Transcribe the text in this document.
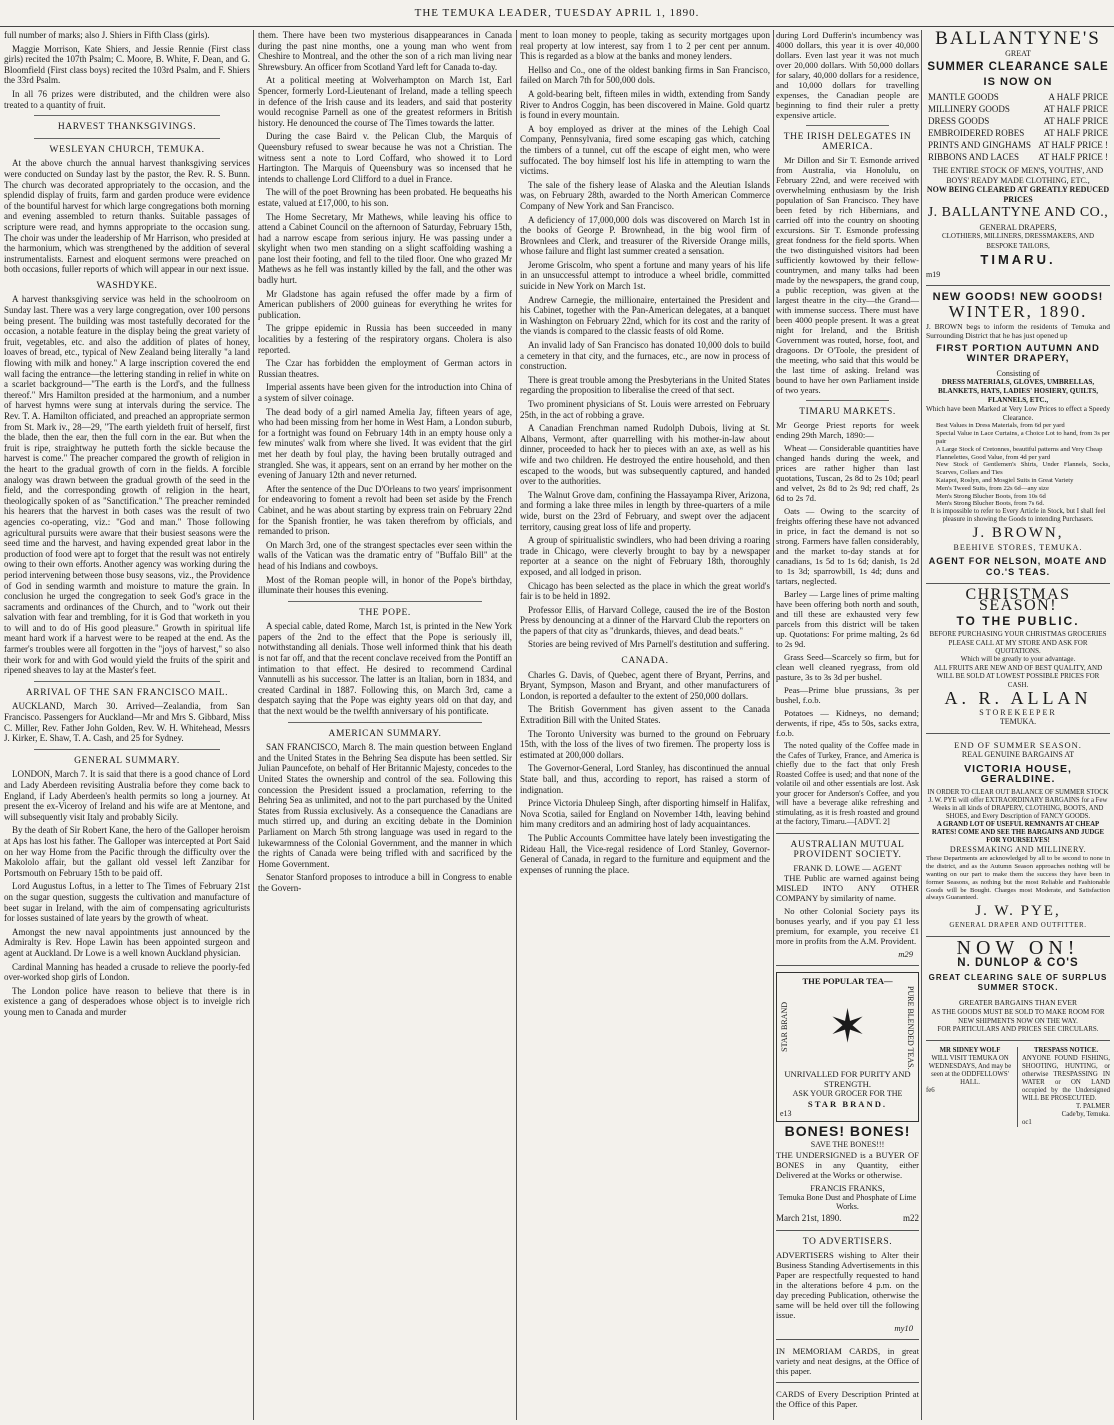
THE TEMUKA LEADER, TUESDAY APRIL 1, 1890.

full number of marks; also J. Shiers in Fifth Class (girls).

Maggie Morrison, Kate Shiers, and Jessie Rennie (First class girls) recited the 107th Psalm; C. Moore, B. White, F. Dean, and G. Bloomfield (First class boys) recited the 103rd Psalm, and F. Shiers the 33rd Psalm.

In all 76 prizes were distributed, and the children were also treated to a quantity of fruit.

HARVEST THANKSGIVINGS.
WESLEYAN CHURCH, TEMUKA.

At the above church the annual harvest thanksgiving services were conducted on Sunday last by the pastor, the Rev. R. S. Bunn. The church was decorated appropriately to the occasion, and the splendid display of fruits, farm and garden produce were evidence of the bountiful harvest for which large congregations both morning and evening assembled to return thanks. Suitable passages of scripture were read, and hymns appropriate to the occasion sung. The choir was under the leadership of Mr Harrison, who presided at the harmonium, which was strengthened by the addition of several instrumentalists. Earnest and eloquent sermons were preached on both occasions, fuller reports of which will appear in our next issue.

WASHDYKE.

A harvest thanksgiving service was held in the schoolroom on Sunday last. There was a very large congregation, over 100 persons being present. The building was most tastefully decorated for the occasion, a notable feature in the display being the great variety of fruit, vegetables, etc. and also the addition of plates of honey, loaves of bread, etc., typical of New Zealand being literally "a land flowing with milk and honey." A large inscription covered the end wall facing the entrance—the lettering standing in relief in white on a scarlet background—"The earth is the Lord's, and the fullness thereof." Mrs Hamilton presided at the harmonium, and a number of harvest hymns were sung at intervals during the service. The Rev. T. A. Hamilton officiated, and preached an appropriate sermon from St. Mark iv., 28—29, "The earth yieldeth fruit of herself, first the blade, then the ear, then the full corn in the ear. But when the fruit is ripe, straightway he putteth forth the sickle because the harvest is come." The preacher compared the growth of religion in the heart to the gradual growth of corn in the fields. A forcible analogy was drawn between the gradual growth of the seed in the field, and the corresponding growth of religion in the heart, theologically spoken of as "Sanctification." The preacher reminded his hearers that the harvest in both cases was the result of two agencies co-operating, viz.: "God and man." Those following agricultural pursuits were aware that their busiest seasons were the seed time and the harvest, and having expended great labor in the production of food were apt to forget that the result was not entirely owing to their own efforts. Another agency was working during the period intervening between those busy seasons, viz., the Providence of God in sending warmth and moisture to mature the grain. In conclusion he urged the congregation to seek God's grace in the sacraments and ordinances of the Church, and to "work out their salvation with fear and trembling, for it is God that worketh in you to will and to do of His good pleasure." Growth in spiritual life meant hard work if a harvest were to be reaped at the end. As the farmer's troubles were all forgotten in the "joys of harvest," so also their work for and with God would yield the fruits of the spirit and ripened sheaves to lay at the Master's feet.

ARRIVAL OF THE SAN FRANCISCO MAIL.

AUCKLAND, March 30. Arrived—Zealandia, from San Francisco. Passengers for Auckland—Mr and Mrs S. Gibbard, Miss C. Miller, Rev. Father John Golden, Rev. W. H. Whitehead, Messrs J. Kirker, E. Shaw, T. A. Cash, and 25 for Sydney.

GENERAL SUMMARY.

LONDON, March 7. It is said that there is a good chance of Lord and Lady Aberdeen revisiting Australia before they come back to England, if Lady Aberdeen's health permits so long a journey. At present the ex-Viceroy of Ireland and his wife are at Mentone, and will subsequently visit Italy and probably Sicily.

By the death of Sir Robert Kane, the hero of the Galloper heroism at Aps has lost his father. The Galloper was intercepted at Port Said on her way Home from the Pacific through the difficulty over the Makololo affair, but the gallant old vessel left Zanzibar for Portsmouth on February 15th to be paid off.

Lord Augustus Loftus, in a letter to The Times of February 21st on the sugar question, suggests the cultivation and manufacture of beet sugar in Ireland, with the aim of compensating agriculturists for losses sustained of late years by the growth of wheat.

Amongst the new naval appointments just announced by the Admiralty is Rev. Hope Lawin has been appointed surgeon and agent at Auckland. Dr Lowe is a well known Auckland physician.

Cardinal Manning has headed a crusade to relieve the poorly-fed over-worked shop girls of London.

The London police have reason to believe that there is in existence a gang of desperadoes whose object is to inveigle rich young men to Canada and murder

them. There have been two mysterious disappearances in Canada during the past nine months, one a young man who went from Cheshire to Montreal, and the other the son of a rich man living near Shrewsbury. An officer from Scotland Yard left for Canada to-day.

At a political meeting at Wolverhampton on March 1st, Earl Spencer, formerly Lord-Lieutenant of Ireland, made a telling speech in defence of the Irish cause and its leaders, and said that posterity would recognise Parnell as one of the greatest reformers in British history. He denounced the course of The Times towards the latter.

During the case Baird v. the Pelican Club, the Marquis of Queensbury refused to swear because he was not a Christian. The witness sent a note to Lord Coffard, who showed it to Lord Hartington. The Marquis of Queensbury was so incensed that he intends to challenge Lord Clifford to a duel in France.

The will of the poet Browning has been probated. He bequeaths his estate, valued at £17,000, to his son.

The Home Secretary, Mr Mathews, while leaving his office to attend a Cabinet Council on the afternoon of Saturday, February 15th, had a narrow escape from serious injury. He was passing under a skylight when two men standing on a slight scaffolding washing a pane lost their footing, and fell to the tiled floor. One who grazed Mr Mathews as he fell was instantly killed by the fall, and the other was badly hurt.

Mr Gladstone has again refused the offer made by a firm of American publishers of 2000 guineas for everything he writes for publication.

The grippe epidemic in Russia has been succeeded in many localities by a festering of the respiratory organs. Cholera is also reported.

The Czar has forbidden the employment of German actors in Russian theatres.

Imperial assents have been given for the introduction into China of a system of silver coinage.

The dead body of a girl named Amelia Jay, fifteen years of age, who had been missing from her home in West Ham, a London suburb, for a fortnight was found on February 14th in an empty house only a few minutes' walk from where she lived. It was evident that the girl met her death by foul play, the having been brutally outraged and strangled. She was, it appears, sent on an errand by her mother on the evening of January 12th and never returned.

After the sentence of the Duc D'Orleans to two years' imprisonment for endeavoring to foment a revolt had been set aside by the French Cabinet, and he was about starting by express train on February 22nd for the Spanish frontier, he was taken therefrom by officials, and remanded to prison.

On March 3rd, one of the strangest spectacles ever seen within the walls of the Vatican was the dramatic entry of "Buffalo Bill" at the head of his Indians and cowboys.

Most of the Roman people will, in honor of the Pope's birthday, illuminate their houses this evening.

THE POPE.

A special cable, dated Rome, March 1st, is printed in the New York papers of the 2nd to the effect that the Pope is seriously ill, notwithstanding all denials. Those well informed think that his death is not far off, and that the recent conclave received from the Pontiff an intimation to that effect. He desired to recommend Cardinal Vannutelli as his successor. The latter is an Italian, born in 1834, and created Cardinal in 1887. Following this, on March 3rd, came a despatch saying that the Pope was eighty years old on that day, and that the next would be the twelfth anniversary of his pontificate.

AMERICAN SUMMARY.

SAN FRANCISCO, March 8. The main question between England and the United States in the Behring Sea dispute has been settled. Sir Julian Pauncefote, on behalf of Her Britannic Majesty, concedes to the United States the ownership and control of the sea. Following this concession the President issued a proclamation, referring to the Behring Sea as unlimited, and not to the part purchased by the United States from Russia exclusively. As a consequence the Canadians are much stirred up, and during an exciting debate in the Dominion Parliament on March 5th strong language was used in regard to the lukewarmness of the Colonial Government, and the manner in which the rights of Canada were being trifled with and sacrificed by the Home Government.

Senator Stanford proposes to introduce a bill in Congress to enable the Govern-

ment to loan money to people, taking as security mortgages upon real property at low interest, say from 1 to 2 per cent per annum. This is regarded as a blow at the banks and money lenders.

Hellso and Co., one of the oldest banking firms in San Francisco, failed on March 7th for 500,000 dols.

A gold-bearing belt, fifteen miles in width, extending from Sandy River to Andros Coggin, has been discovered in Maine. Gold quartz is found in every mountain.

A boy employed as driver at the mines of the Lehigh Coal Company, Pennsylvania, fired some escaping gas which, catching the timbers of a tunnel, cut off the escape of eight men, who were suffocated. The boy himself lost his life in attempting to warn the victims.

The sale of the fishery lease of Alaska and the Aleutian Islands was, on February 28th, awarded to the North American Commerce Company of New York and San Francisco.

A deficiency of 17,000,000 dols was discovered on March 1st in the books of George P. Brownhead, in the big wool firm of Brownlees and Clerk, and treasurer of the Riverside Orange mills, whose failure and flight last summer created a sensation.

Jerome Griscolm, who spent a fortune and many years of his life in an unsuccessful attempt to introduce a wheel bridle, committed suicide in New York on March 1st.

Andrew Carnegie, the millionaire, entertained the President and his Cabinet, together with the Pan-American delegates, at a banquet in Washington on February 22nd, which for its cost and the rarity of the viands is compared to the classic feasts of old Rome.

An invalid lady of San Francisco has donated 10,000 dols to build a cemetery in that city, and the furnaces, etc., are now in process of construction.

There is great trouble among the Presbyterians in the United States regarding the proposition to liberalise the creed of that sect.

Two prominent physicians of St. Louis were arrested on February 25th, in the act of robbing a grave.

A Canadian Frenchman named Rudolph Dubois, living at St. Albans, Vermont, after quarrelling with his mother-in-law about dinner, proceeded to hack her to pieces with an axe, as well as his wife and two children. He destroyed the entire household, and then escaped to the woods, but was subsequently captured, and handed over to the authorities.

The Walnut Grove dam, confining the Hassayampa River, Arizona, and forming a lake three miles in length by three-quarters of a mile wide, burst on the 23rd of February, and swept over the adjacent territory, causing great loss of life and property.

A group of spiritualistic swindlers, who had been driving a roaring trade in Chicago, were cleverly brought to bay by a newspaper reporter at a seance on the night of February 18th, thoroughly exposed, and all lodged in prison.

Chicago has been selected as the place in which the great world's fair is to be held in 1892.

Professor Ellis, of Harvard College, caused the ire of the Boston Press by denouncing at a dinner of the Harvard Club the reporters on the papers of that city as "drunkards, thieves, and dead beats."

Stories are being revived of Mrs Parnell's destitution and suffering.

CANADA.

Charles G. Davis, of Quebec, agent there of Bryant, Perrins, and Bryant, Sympson, Mason and Bryant, and other manufacturers of London, is reported a defaulter to the extent of 250,000 dollars.

The British Government has given assent to the Canada Extradition Bill with the United States.

The Toronto University was burned to the ground on February 15th, with the loss of the lives of two firemen. The property loss is estimated at 200,000 dollars.

The Governor-General, Lord Stanley, has discontinued the annual State ball, and thus, according to report, has raised a storm of indignation.

Prince Victoria Dhuleep Singh, after disporting himself in Halifax, Nova Scotia, sailed for England on November 14th, leaving behind him many creditors and an admiring host of lady acquaintances.

The Public Accounts Committee have lately been investigating the Rideau Hall, the Vice-regal residence of Lord Stanley, Governor-General of Canada, in regard to the furniture and equipment and the expenses of running the place.

during Lord Dufferin's incumbency was 4000 dollars, this year it is over 40,000 dollars. Even last year it was not much over 20,000 dollars. With 50,000 dollars for salary, 40,000 dollars for a residence, and 10,000 dollars for travelling expenses, the Canadian people are beginning to find their ruler a pretty expensive article.

THE IRISH DELEGATES IN AMERICA.

Mr Dillon and Sir T. Esmonde arrived from Australia, via Honolulu, on February 22nd, and were received with overwhelming enthusiasm by the Irish population of San Francisco. They have been feted by rich Hibernians, and carried off into the country on shooting excursions. Sir T. Esmonde professing great fondness for the field sports. When the two distinguished visitors had been sufficiently kowtowed by their fellow-countrymen, and many talks had been made by the newspapers, the grand coup, a public reception, was given at the largest theatre in the city—the Grand—with immense success. There must have been 4000 people present. It was a great night for Ireland, and the British Government was routed, horse, foot, and dragoons. Dr O'Toole, the president of the meeting, who said that this would be the last time of asking. Ireland was bound to have her own Parliament inside of two years.

TIMARU MARKETS.

Mr George Priest reports for week ending 29th March, 1890:—

Wheat — Considerable quantities have changed hands during the week, and prices are rather higher than last quotations, Tuscan, 2s 8d to 2s 10d; pearl and velvet, 2s 8d to 2s 9d; red chaff, 2s 6d to 2s 7d.

Oats — Owing to the scarcity of freights offering these have not advanced in price, in fact the demand is not so strong. Farmers have fallen considerably, and the market to-day stands at for canadians, 1s 5d to 1s 6d; danish, 1s 2d to 1s 3d; sparrowbill, 1s 4d; duns and tartars, neglected.

Barley — Large lines of prime malting have been offering both north and south, and till these are exhausted very few parcels from this district will be taken up. Quotations: For prime malting, 2s 6d to 2s 9d.

Grass Seed—Scarcely so firm, but for clean well cleaned ryegrass, from old pasture, 3s to 3s 3d per bushel.

Peas—Prime blue prussians, 3s per bushel, f.o.b.

Potatoes — Kidneys, no demand; derwents, if ripe, 45s to 50s, sacks extra, f.o.b.

The noted quality of the Coffee made in the Cafes of Turkey, France, and America is chiefly due to the fact that only Fresh Roasted Coffee is used; and that none of the volatile oil and other essentials are lost. Ask your grocer for Anderson's Coffee, and you will have a beverage alike refreshing and stimulating, as it is fresh roasted and ground at the factory, Timaru.—[ADVT. 2]

AUSTRALIAN MUTUAL PROVIDENT SOCIETY.
FRANK D. LOWE — AGENT

THE Public are warned against being MISLED INTO ANY OTHER COMPANY by similarity of name.

No other Colonial Society pays its bonuses yearly, and if you pay £1 less premium, for example, you receive £1 more in profits from the A.M. Provident.

m29
THE POPULAR TEA—
STAR BRAND ✶	PURE BLENDED TEAS.
UNRIVALLED FOR PURITY AND STRENGTH.
ASK YOUR GROCER FOR THE
STAR BRAND.
e13
BONES! BONES!
SAVE THE BONES!!!

THE UNDERSIGNED is a BUYER OF BONES in any Quantity, either Delivered at the Works or otherwise.

FRANCIS FRANKS,
Temuka Bone Dust and Phosphate of Lime Works.
March 21st, 1890.	m22
TO ADVERTISERS.

ADVERTISERS wishing to Alter their Business Standing Advertisements in this Paper are respectfully requested to hand in the alterations before 4 p.m. on the day preceding Publication, otherwise the same will be held over till the following issue.

my10

IN MEMORIAM CARDS, in great variety and neat designs, at the Office of this paper.

CARDS of Every Description Printed at the Office of this Paper.

BALLANTYNE'S
GREAT
SUMMER CLEARANCE SALE
IS NOW ON
MANTLE GOODS	A HALF PRICE
MILLINERY GOODS	AT HALF PRICE
DRESS GOODS	AT HALF PRICE
EMBROIDERED ROBES AT HALF PRICE
PRINTS AND GINGHAMS AT HALF PRICE !
RIBBONS AND LACES AT HALF PRICE !
THE ENTIRE STOCK OF MEN'S, YOUTHS', AND BOYS' READY MADE CLOTHING, ETC.,
NOW BEING CLEARED AT GREATLY REDUCED PRICES
J. BALLANTYNE AND CO.,
GENERAL DRAPERS,
CLOTHIERS, MILLINERS, DRESSMAKERS, AND BESPOKE TAILORS,
TIMARU.
m19
NEW GOODS! NEW GOODS!
WINTER, 1890.
J. BROWN begs to inform the residents of Temuka and Surrounding District that he has just opened up
FIRST PORTION AUTUMN AND WINTER DRAPERY,
Consisting of
DRESS MATERIALS, GLOVES, UMBRELLAS, BLANKETS, HATS, LADIES' HOSIERY, QUILTS, FLANNELS, ETC.,
Which have been Marked at Very Low Prices to effect a Speedy Clearance.
Best Values in Dress Materials, from 6d per yard
Special Value in Lace Curtains, a Choice Lot to hand, from 3s per pair
A Large Stock of Cretonnes, beautiful patterns and Very Cheap
Flannelettes, Good Value, from 4d per yard
New Stock of Gentlemen's Shirts, Under Flannels, Socks, Scarves, Collars and Ties
Kaiapoi, Roslyn, and Mosgiel Suits in Great Variety
Men's Tweed Suits, from 22s 6d—any size
Men's Strong Blucher Boots, from 10s 6d
Men's Strong Blucher Boots, from 7s 6d.
It is impossible to refer to Every Article in Stock, but I shall feel pleasure in showing the Goods to intending Purchasers.
J. BROWN,
BEEHIVE STORES, TEMUKA.
AGENT FOR NELSON, MOATE AND CO.'S TEAS.
CHRISTMAS SEASON!
TO THE PUBLIC.
BEFORE PURCHASING YOUR CHRISTMAS GROCERIES PLEASE CALL AT MY STORE AND ASK FOR QUOTATIONS.
Which will be greatly to your advantage.
ALL FRUITS ARE NEW AND OF BEST QUALITY, AND WILL BE SOLD AT LOWEST POSSIBLE PRICES FOR CASH.
A. R. ALLAN
STOREKEEPER
TEMUKA.
END OF SUMMER SEASON.
REAL GENUINE BARGAINS AT
VICTORIA HOUSE, GERALDINE.
IN ORDER TO CLEAR OUT BALANCE OF SUMMER STOCK J. W. PYE will offer EXTRAORDINARY BARGAINS for a Few Weeks in all kinds of DRAPERY, CLOTHING, BOOTS, AND SHOES, and Every Description of FANCY GOODS.
A GRAND LOT OF USEFUL REMNANTS AT CHEAP RATES! COME AND SEE THE BARGAINS AND JUDGE FOR YOURSELVES!
DRESSMAKING AND MILLINERY.
These Departments are acknowledged by all to be second to none in the district, and as the Autumn Season approaches nothing will be wanting on our part to make them the success they have been in former Seasons, as nothing but the most Reliable and Fashionable Goods will be Bought. Charges most Moderate, and Satisfaction always Guaranteed.
J. W. PYE,
GENERAL DRAPER AND OUTFITTER.
NOW ON!
N. DUNLOP & CO'S
GREAT CLEARING SALE OF SURPLUS SUMMER STOCK.
GREATER BARGAINS THAN EVER
AS THE GOODS MUST BE SOLD TO MAKE ROOM FOR NEW SHIPMENTS NOW ON THE WAY.
FOR PARTICULARS AND PRICES SEE CIRCULARS.
MR SIDNEY WOLF
WILL VISIT TEMUKA ON WEDNESDAYS, And may be seen at the ODDFELLOWS' HALL.
fe6
TRESPASS NOTICE.
ANYONE FOUND FISHING, SHOOTING, HUNTING, or otherwise TRESPASSING IN WATER or ON LAND occupied by the Undersigned WILL BE PROSECUTED.
T. PALMER
Cade'by, Temuka.
oc1
